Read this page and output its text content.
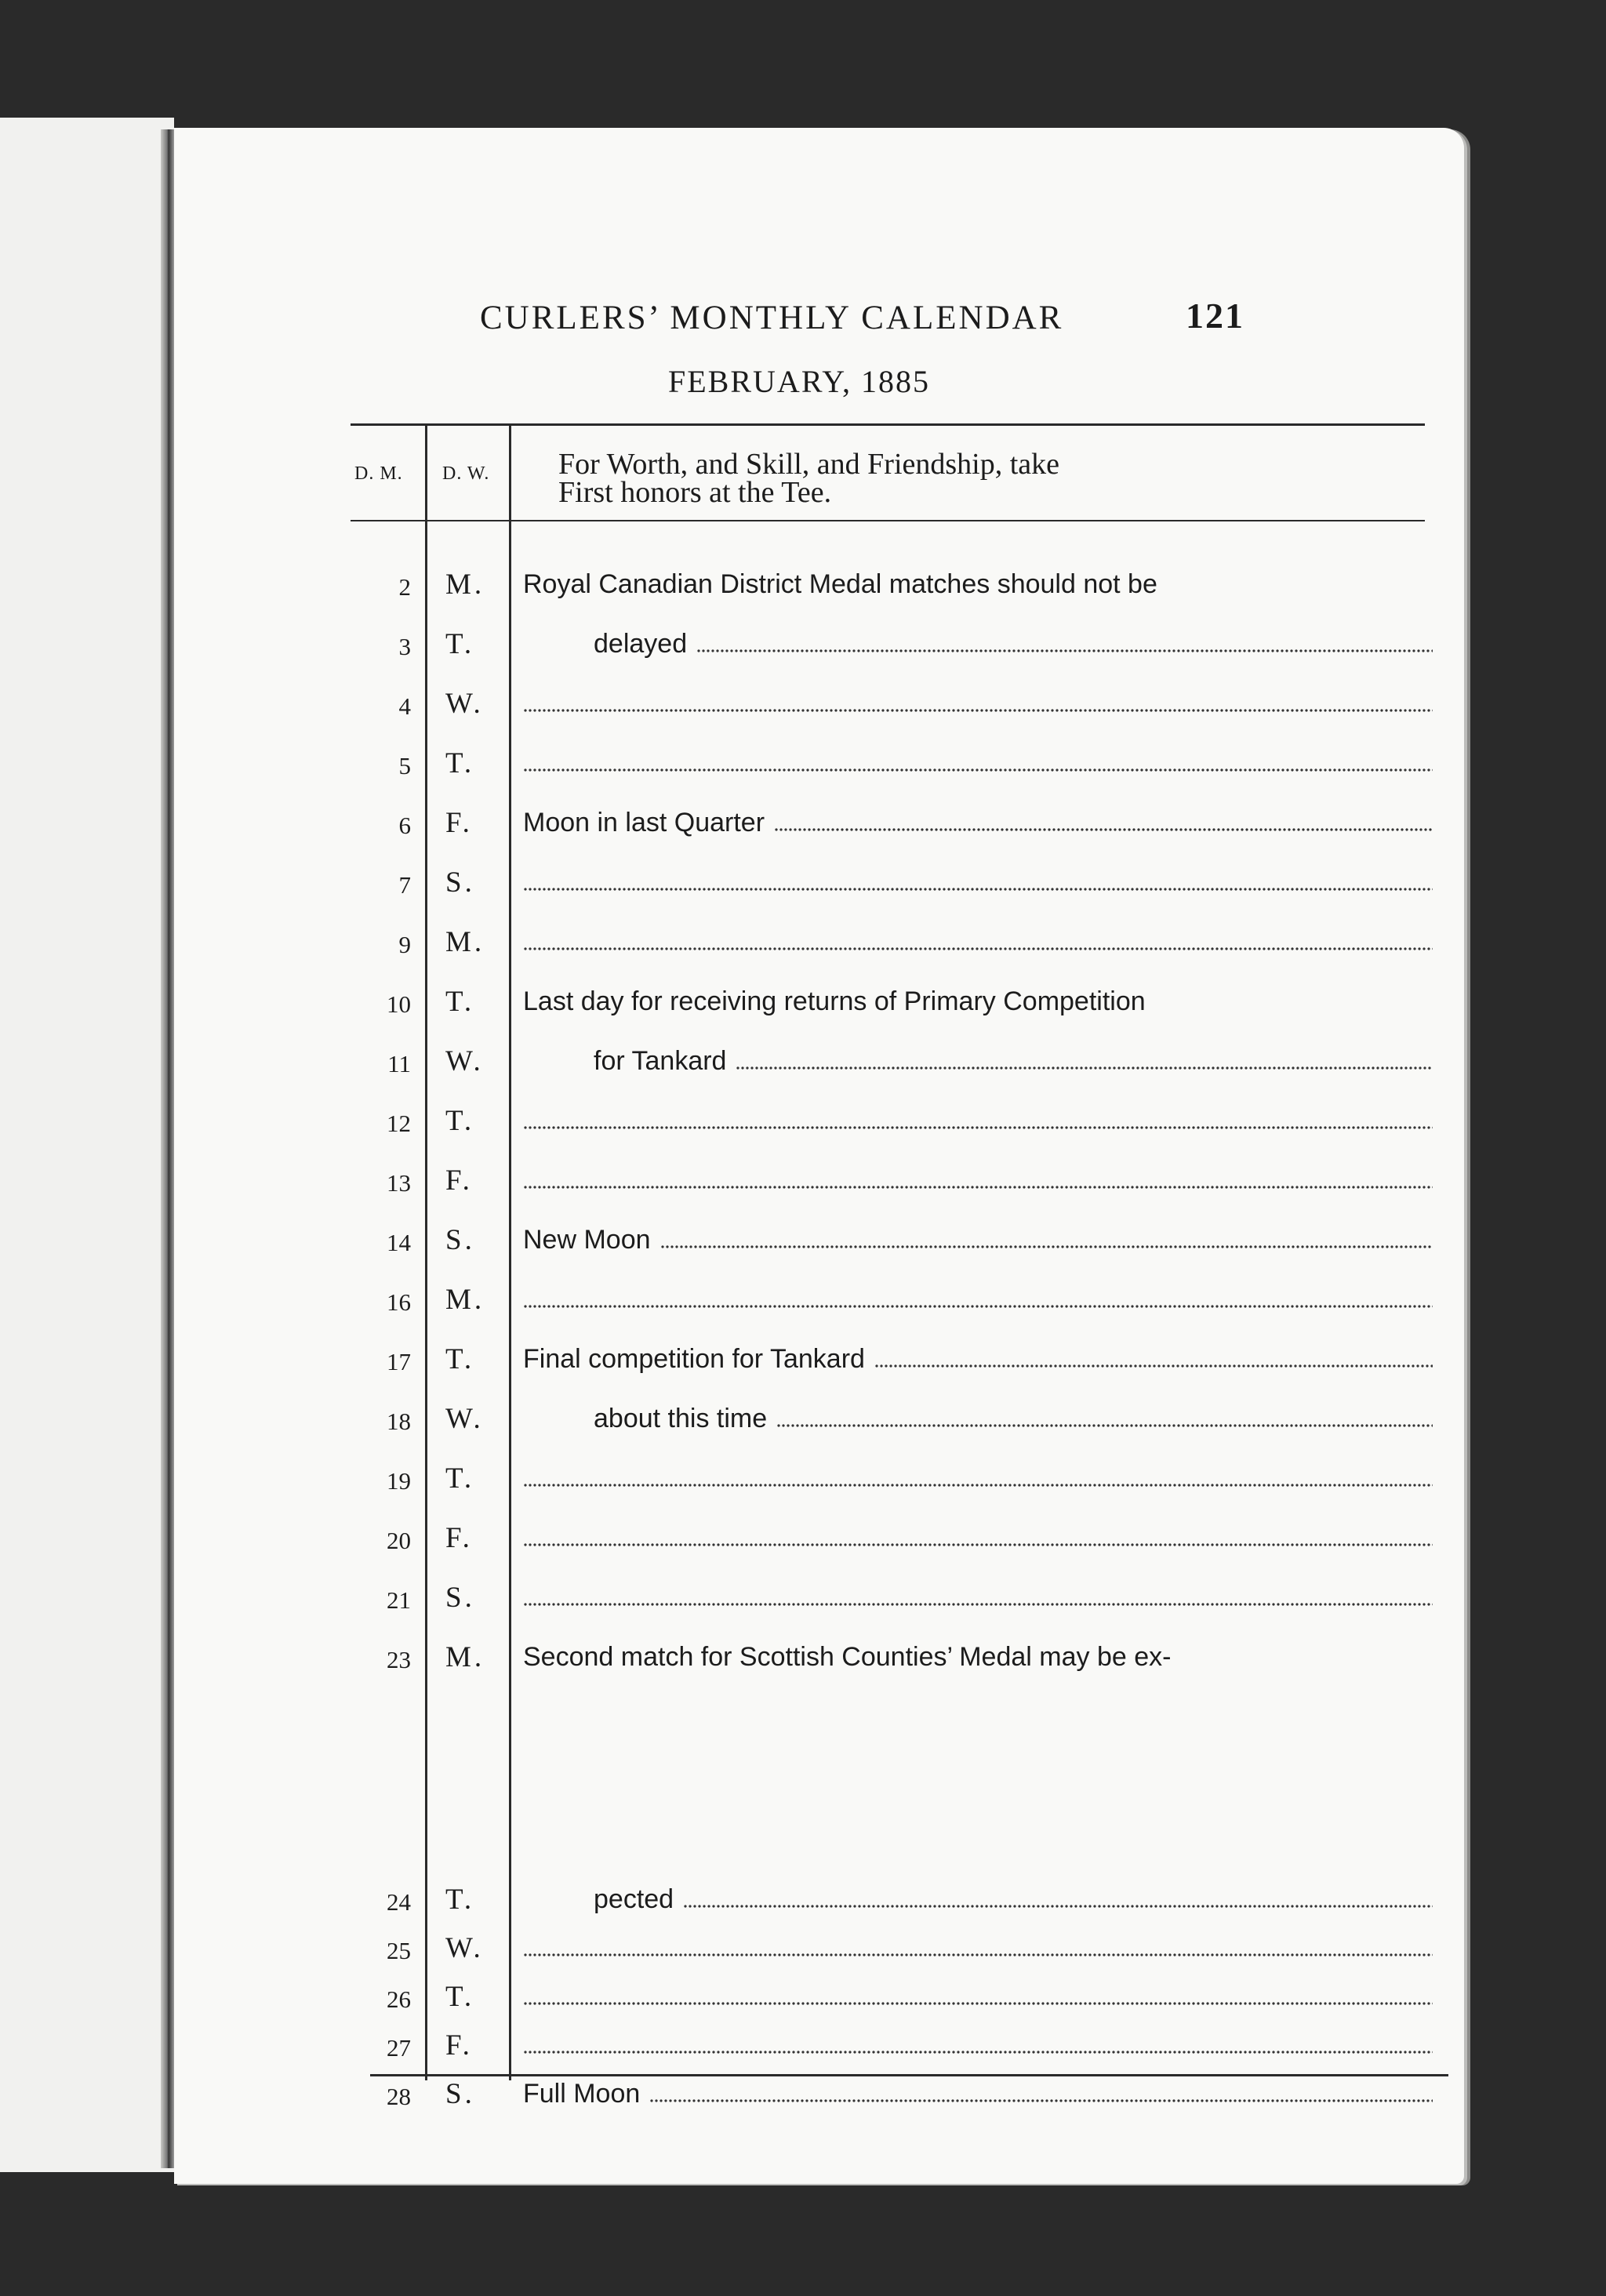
CURLERS’ MONTHLY CALENDAR	121
FEBRUARY, 1885
D. M. D. W. For Worth, and Skill, and Friendship, take
First honors at the Tee.
2 M.	Royal Canadian District Medal matches should not be
3 T.	delayed
4 W.
5 T.
6 F.	Moon in last Quarter
7 S.
9 M.
10 T.	Last day for receiving returns of Primary Competition
11 W.	for Tankard
12 T.
13 F.
14 S.	New Moon
16 M.
17 T.	Final competition for Tankard
18 W.	about this time
19 T.
20 F.
21 S.
23 M.	Second match for Scottish Counties’ Medal may be ex-
24 T.	pected
25 W.
26 T.
27 F.
28 S.	Full Moon
